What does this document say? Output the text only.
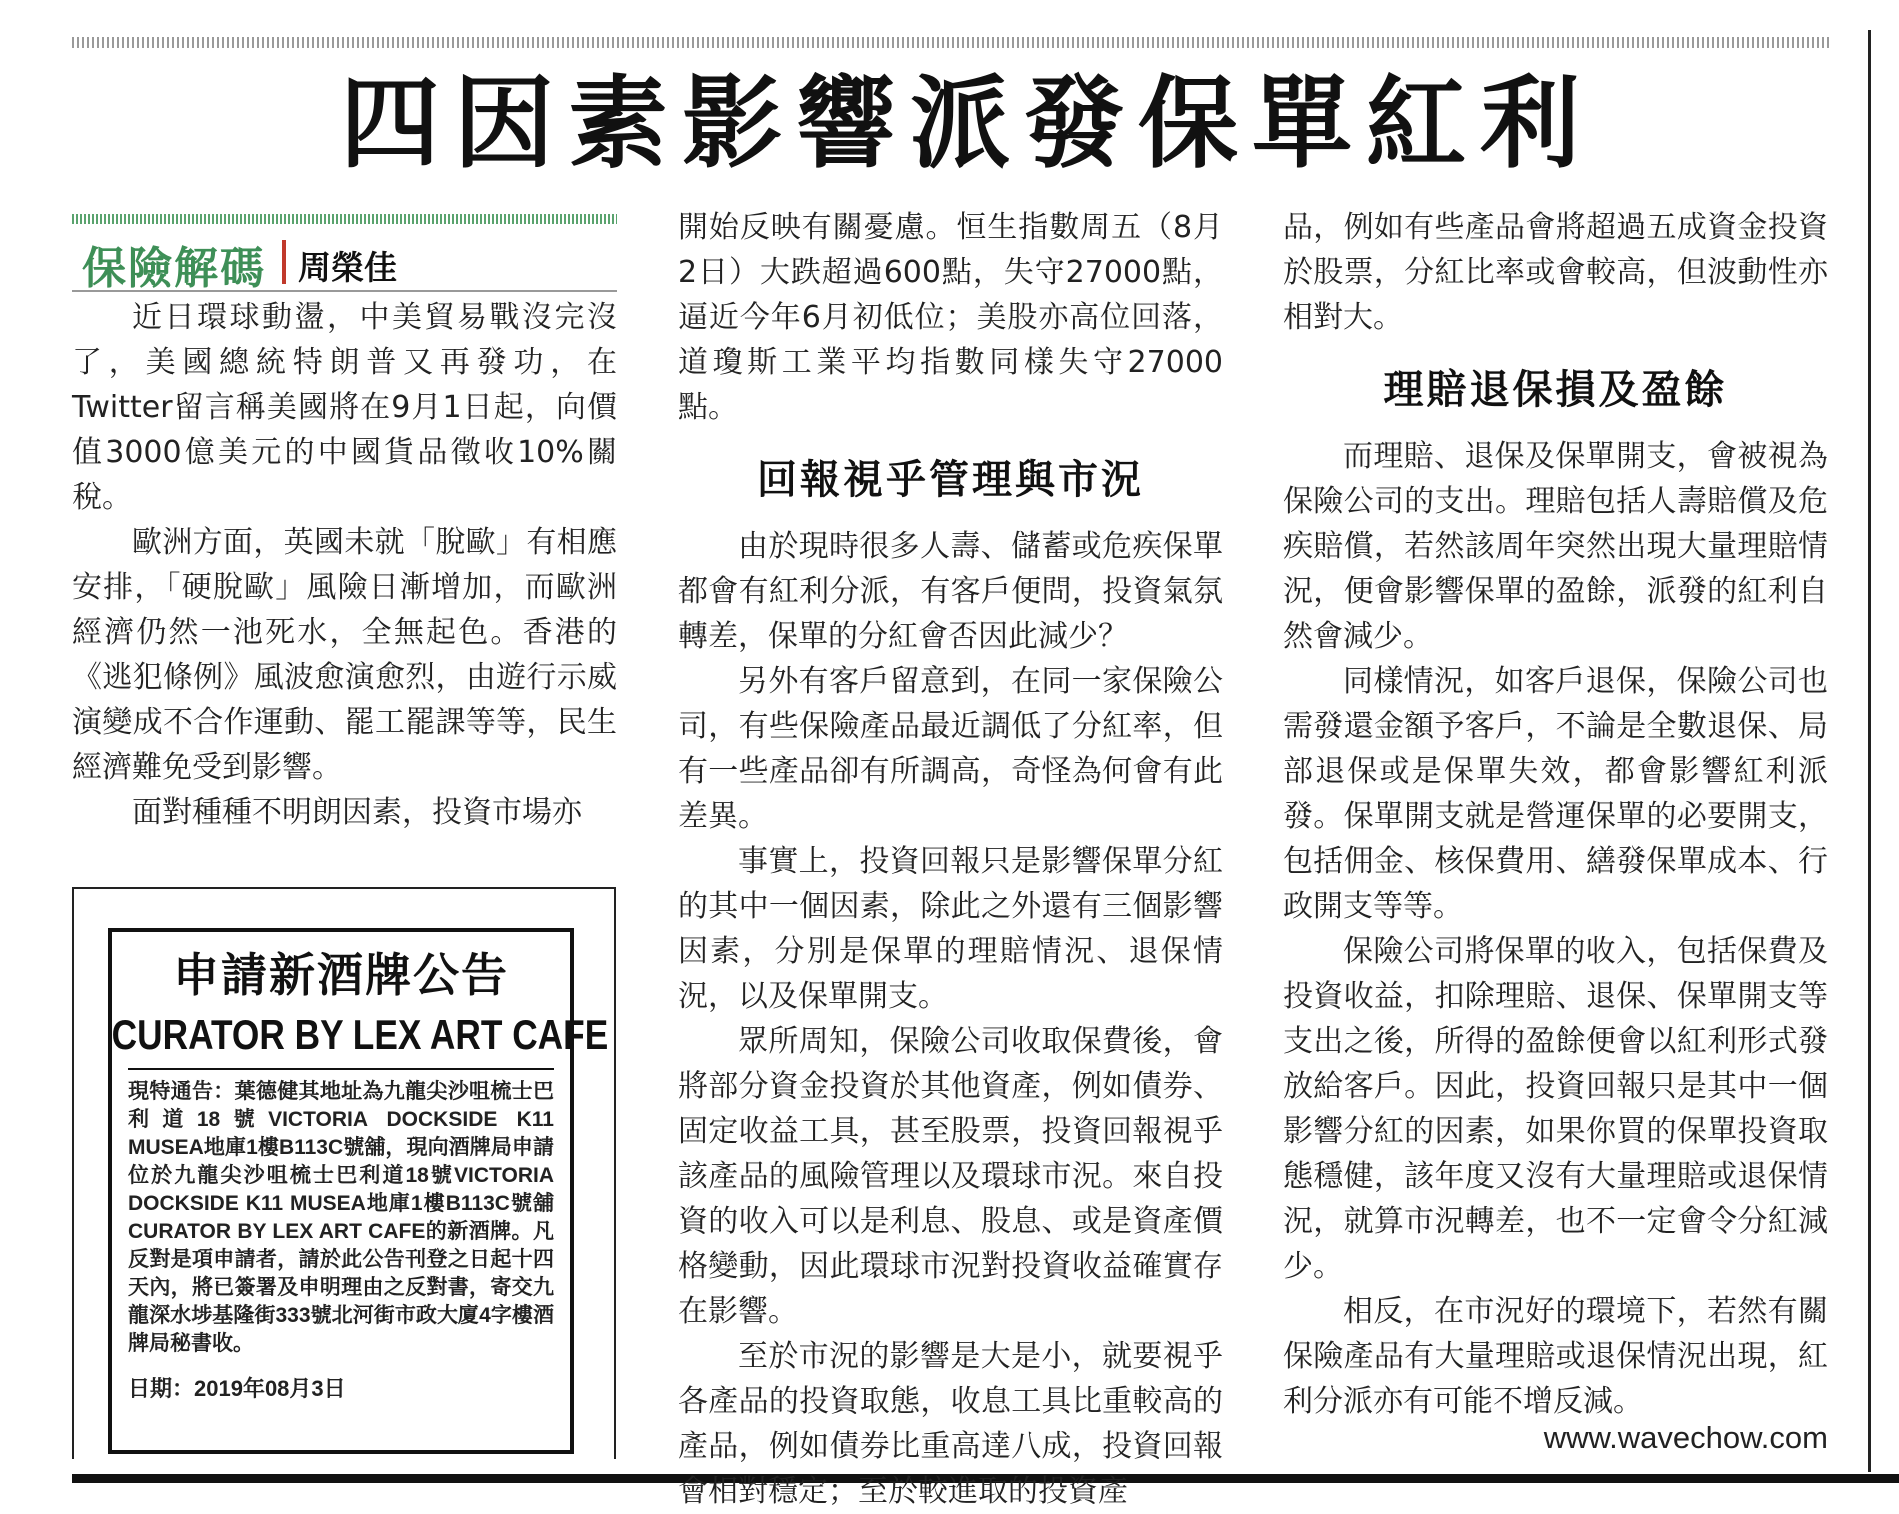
四因素影響派發保單紅利
保險解碼 周榮佳

近日環球動盪，中美貿易戰沒完沒了，美國總統特朗普又再發功，在Twitter留言稱美國將在9月1日起，向價值3000億美元的中國貨品徵收10%關稅。

歐洲方面，英國未就「脫歐」有相應安排，「硬脫歐」風險日漸增加，而歐洲經濟仍然一池死水，全無起色。香港的《逃犯條例》風波愈演愈烈，由遊行示威演變成不合作運動、罷工罷課等等，民生經濟難免受到影響。

面對種種不明朗因素，投資市場亦

開始反映有關憂慮。恒生指數周五（8月2日）大跌超過600點，失守27000點，逼近今年6月初低位；美股亦高位回落，道瓊斯工業平均指數同樣失守27000點。

回報視乎管理與市況

由於現時很多人壽、儲蓄或危疾保單都會有紅利分派，有客戶便問，投資氣氛轉差，保單的分紅會否因此減少？

另外有客戶留意到，在同一家保險公司，有些保險產品最近調低了分紅率，但有一些產品卻有所調高，奇怪為何會有此差異。

事實上，投資回報只是影響保單分紅的其中一個因素，除此之外還有三個影響因素，分別是保單的理賠情況、退保情況，以及保單開支。

眾所周知，保險公司收取保費後，會將部分資金投資於其他資產，例如債券、固定收益工具，甚至股票，投資回報視乎該產品的風險管理以及環球市況。來自投資的收入可以是利息、股息、或是資產價格變動，因此環球市況對投資收益確實存在影響。

至於市況的影響是大是小，就要視乎各產品的投資取態，收息工具比重較高的產品，例如債券比重高達八成，投資回報會相對穩定；至於較進取的投資產

品，例如有些產品會將超過五成資金投資於股票，分紅比率或會較高，但波動性亦相對大。

理賠退保損及盈餘

而理賠、退保及保單開支，會被視為保險公司的支出。理賠包括人壽賠償及危疾賠償，若然該周年突然出現大量理賠情況，便會影響保單的盈餘，派發的紅利自然會減少。

同樣情況，如客戶退保，保險公司也需發還金額予客戶，不論是全數退保、局部退保或是保單失效，都會影響紅利派發。保單開支就是營運保單的必要開支，包括佣金、核保費用、繕發保單成本、行政開支等等。

保險公司將保單的收入，包括保費及投資收益，扣除理賠、退保、保單開支等支出之後，所得的盈餘便會以紅利形式發放給客戶。因此，投資回報只是其中一個影響分紅的因素，如果你買的保單投資取態穩健，該年度又沒有大量理賠或退保情況，就算市況轉差，也不一定會令分紅減少。

相反，在市況好的環境下，若然有關保險產品有大量理賠或退保情況出現，紅利分派亦有可能不增反減。

申請新酒牌公告
CURATOR BY LEX ART CAFE
現特通告：葉德健其地址為九龍尖沙咀梳士巴利道18號VICTORIA DOCKSIDE K11 MUSEA地庫1樓B113C號舖，現向酒牌局申請位於九龍尖沙咀梳士巴利道18號VICTORIA DOCKSIDE K11 MUSEA地庫1樓B113C號舖CURATOR BY LEX ART CAFE的新酒牌。凡反對是項申請者，請於此公告刊登之日起十四天內，將已簽署及申明理由之反對書，寄交九龍深水埗基隆街333號北河街市政大廈4字樓酒牌局秘書收。
日期：2019年08月3日
www.wavechow.com
